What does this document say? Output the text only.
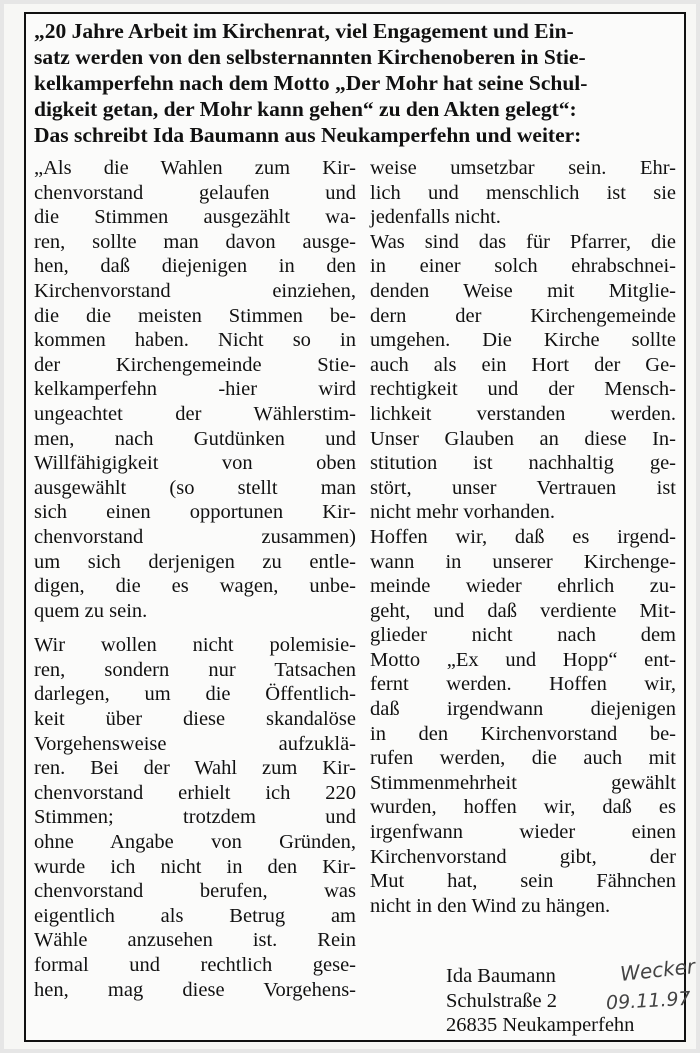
„20 Jahre Arbeit im Kirchenrat, viel Engagement und Ein-
satz werden von den selbsternannten Kirchenoberen in Stie-
kelkamperfehn nach dem Motto „Der Mohr hat seine Schul-
digkeit getan, der Mohr kann gehen“ zu den Akten gelegt“:
Das schreibt Ida Baumann aus Neukamperfehn und weiter:
„Als die Wahlen zum Kir-
chenvorstand gelaufen und
die Stimmen ausgezählt wa-
ren, sollte man davon ausge-
hen, daß diejenigen in den
Kirchenvorstand einziehen,
die die meisten Stimmen be-
kommen haben. Nicht so in
der Kirchengemeinde Stie-
kelkamperfehn -hier wird
ungeachtet der Wählerstim-
men, nach Gutdünken und
Willfähigigkeit von oben
ausgewählt (so stellt man
sich einen opportunen Kir-
chenvorstand zusammen)
um sich derjenigen zu entle-
digen, die es wagen, unbe-
quem zu sein.
Wir wollen nicht polemisie-
ren, sondern nur Tatsachen
darlegen, um die Öffentlich-
keit über diese skandalöse
Vorgehensweise aufzuklä-
ren. Bei der Wahl zum Kir-
chenvorstand erhielt ich 220
Stimmen; trotzdem und
ohne Angabe von Gründen,
wurde ich nicht in den Kir-
chenvorstand berufen, was
eigentlich als Betrug am
Wähle anzusehen ist. Rein
formal und rechtlich gese-
hen, mag diese Vorgehens-
weise umsetzbar sein. Ehr-
lich und menschlich ist sie
jedenfalls nicht.
Was sind das für Pfarrer, die
in einer solch ehrabschnei-
denden Weise mit Mitglie-
dern der Kirchengemeinde
umgehen. Die Kirche sollte
auch als ein Hort der Ge-
rechtigkeit und der Mensch-
lichkeit verstanden werden.
Unser Glauben an diese In-
stitution ist nachhaltig ge-
stört, unser Vertrauen ist
nicht mehr vorhanden.
Hoffen wir, daß es irgend-
wann in unserer Kirchenge-
meinde wieder ehrlich zu-
geht, und daß verdiente Mit-
glieder nicht nach dem
Motto „Ex und Hopp“ ent-
fernt werden. Hoffen wir,
daß irgendwann diejenigen
in den Kirchenvorstand be-
rufen werden, die auch mit
Stimmenmehrheit gewählt
wurden, hoffen wir, daß es
irgenfwann wieder einen
Kirchenvorstand gibt, der
Mut hat, sein Fähnchen
nicht in den Wind zu hängen.
Ida Baumann
Schulstraße 2
26835 Neukamperfehn
Wecker
09.11.97
